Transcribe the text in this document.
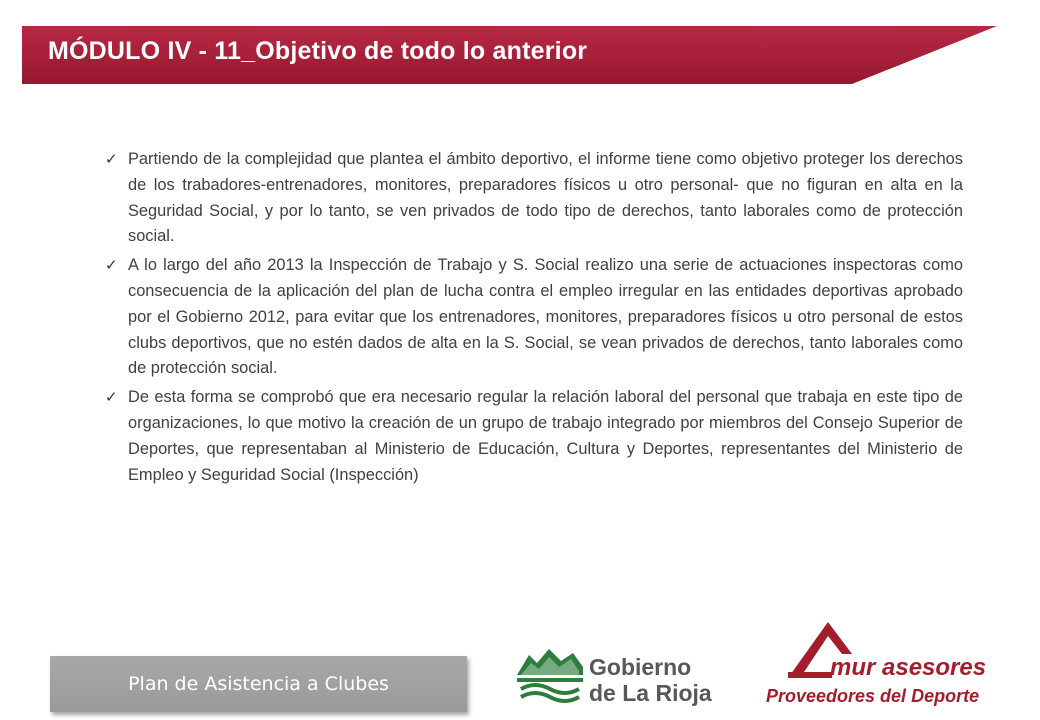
MÓDULO IV - 11_Objetivo de todo lo anterior
✓ Partiendo de la complejidad que plantea el ámbito deportivo, el informe tiene como objetivo proteger los derechos de los trabadores-entrenadores, monitores, preparadores físicos u otro personal- que no figuran en alta en la Seguridad Social, y por lo tanto, se ven privados de todo tipo de derechos, tanto laborales como de protección social.
✓ A lo largo del año 2013 la Inspección de Trabajo y S. Social realizo una serie de actuaciones inspectoras como consecuencia de la aplicación del plan de lucha contra el empleo irregular en las entidades deportivas aprobado por el Gobierno 2012, para evitar que los entrenadores, monitores, preparadores físicos u otro personal de estos clubs deportivos, que no estén dados de alta en la S. Social, se vean privados de derechos, tanto laborales como de protección social.
✓ De esta forma se comprobó que era necesario regular la relación laboral del personal que trabaja en este tipo de organizaciones, lo que motivo la creación de un grupo de trabajo integrado por miembros del Consejo Superior de Deportes, que representaban al Ministerio de Educación, Cultura y Deportes, representantes del Ministerio de Empleo y Seguridad Social (Inspección)
Plan de Asistencia a Clubes
Gobierno
de La Rioja
mur asesores
Proveedores del Deporte
